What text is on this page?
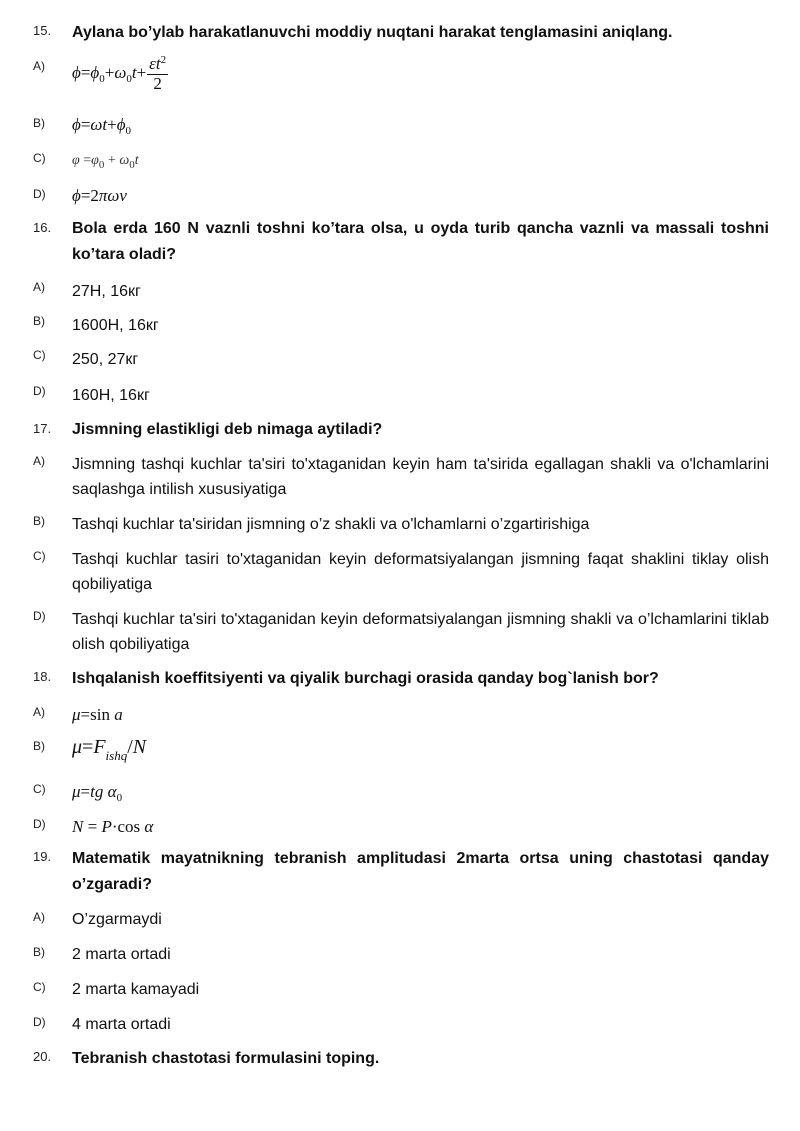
15. Aylana bo’ylab harakatlanuvchi moddiy nuqtani harakat tenglamasini aniqlang.
A) $\phi=\phi_0+\omega_0t+ \frac{\varepsilon t^2}{2}$
B) $\phi=\omega t+\phi_0$
C) $\varphi =\varphi_0 + \omega_0t$
D) ϕ=2πων
16. Bola erda 160 N vaznli toshni ko’tara olsa, u oyda turib qancha vaznli va massali toshni ko’tara oladi?
A) 27Н, 16кг
B) 1600Н, 16кг
C) 250, 27кг
D) 160Н, 16кг
17. Jismning elastikligi deb nimaga aytiladi?
A) Jismning tashqi kuchlar ta'siri to'xtaganidan keyin ham ta'sirida egallagan shakli va o'lchamlarini saqlashga intilish xususiyatiga
B) Tashqi kuchlar ta'siridan jismning o’z shakli va o'lchamlarni o’zgartirishiga
C) Tashqi kuchlar tasiri to'xtaganidan keyin deformatsiyalangan jismning faqat shaklini tiklay olish qobiliyatiga
D) Tashqi kuchlar ta'siri to'xtaganidan keyin deformatsiyalangan jismning shakli va o’lchamlarini tiklab olish qobiliyatiga
18. Ishqalanish koeffitsiyenti va qiyalik burchagi orasida qanday bog`lanish bor?
A) μ=sin a
B) $\mu=F_{ishq}/N$
C) μ=tg $\alpha_0$
D) N = P·cos α
19. Matematik mayatnikning tebranish amplitudasi 2marta ortsa uning chastotasi qanday o’zgaradi?
A) O’zgarmaydi
B) 2 marta ortadi
C) 2 marta kamayadi
D) 4 marta ortadi
20. Tebranish chastotasi formulasini toping.
